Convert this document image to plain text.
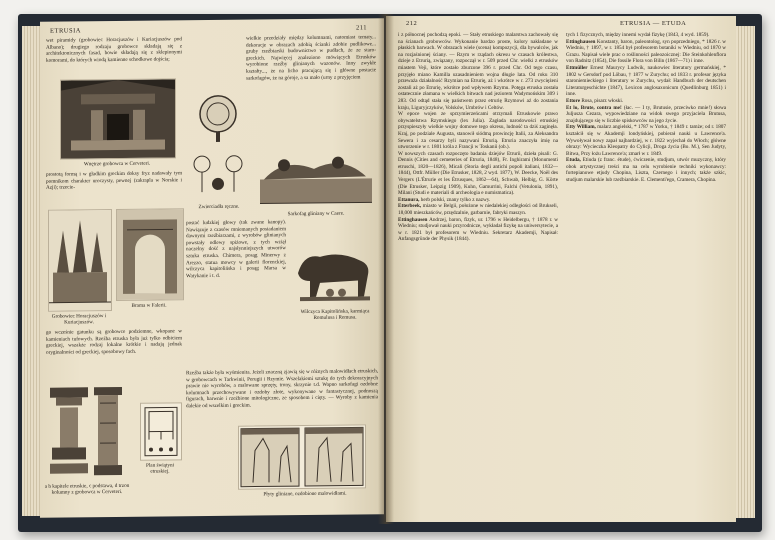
ETRUSIA	211

wet piramidy (grobowiec Horacjuszów i Kuriacjuszów pod Albano); drugiego rodzaju grobowce składają się z architektonicznych fasad, bowie składają się z sklepionymi komorami, do których wiodą kamienne schodkowe dojścia;

Wnętrze grobowca w Cerveteri.

prostotą formą i w gładkim greckim doksy fryz nadawały tym pomnikom charakter uroczysty, pewnej (zakrapla w Norskie i Azji); trzecie-

Grobowiec Horacjuszów i Kuriacjuszów.
Brama w Falerii.

go wcześnie gatunku są grobowce podziemne, wkopane w kamieniach tufowych. Rzeźba etruska była już tylko odbiciem greckiej, wszakże rodzaj lokalne krótkie i nadają jednak oryginalności od greckiej, sposobowy fach.

a b kapitele etruskie, c podstawa, d trzon kolumny z grobowca w Cerveteri.
Plan świątyni etruskiej.

wielkie przedziały między kolumnami, natomiast tematy... dekoracje w obrazach zdobią ścianki zdobie pudlikowe... gruby rzeźbiarski budownictwo w pudłach, że ze staro-greckich. Najwięcej znaleziono mówiących Etrusków wyrobione rzeźby glinianych wazonów. Inny zwykłe kształty..., że na licho pracującą się i główne postacie sarkofagów, że na góroje, a sa mało (urny z przyjęciem

Zwierciadła ręczne.
Sarkofag gliniany w Caere.

postać ludzkiej głowy (tak zwane kanopy). Nawiązuje z czasów mniemanych posiadaniem dawnymi rzeźbiarzami, z wyrobów glinianych powstały odlewy spiżowe, z tych wziął naczelny dość z najsłynniejszych utworów sztuka etruska. Chimera, posąg Minerwy z Arezzo, statua mowcy w galerii florenckiej, wilczyca kapitolińska i posąg Marsa w Watykanie i t. d.

Wilczyca Kapitolińska, karmiąca Romulusa i Remusa.

Rzeźba także była wyśmienita. Jeżeli znaczną zjawią się w różnych malowidłach etruskich, w grobowcach w Tarkwinii, Perugii i Rzymie. Wszelakiemi sztukę do tych dekoracyjnych prawie nie wyrobów, a malowane sprzęty, trony, skrzynie t.d. Wapno sarkofagi ozdobne kolumnach przechowywane i ozdoby złote, wykonywane w fantastycznej, podnoszą figurach, barwnie i rzeźbione mitologiczne, ze sposobem i cięty. — Wyroby z kamienia dalekie od wszelkim i greckim.

Płyty gliniane, ozdobione malowidłami.
212	ETRUSIA — ETUDA

i z północnej pochodzą epoki. — Stały etruskiego malarstwa zachowały się na ścianach grobowców. Wykonanie bardzo proste, kolory nakładane w płaskich barwach. W obrazach wiele (scena) kompozycji, dla bywalców, jak na rozjaśnionej ściany. — Rzym w rządach okresu w czasach królestwa, dzieje z Etrurią, związany, rozpoczął w r. 509 przed Chr. wielki z etrusków miastem Veji, które zostało zburzone 396 r. przed Chr. Od tego czasu, przyjęło miano Kamilla uzasadnieniem wojna długie lata. Od roku 310 przeważa działalność Rzymian na Etrurię, aż i wkrótce w r. 273 zwyciężeni zostali aż po Etrurię, wkrótce pod wpływem Rzymu. Potęga etruska została ostatecznie złamana w wielkich bitwach nad jeziorem Wadymońskim 309 i 283. Od odtąd stała się państwem przez etrurię Rzymowi aż do zostania kraju, Liguryjczyków, Volsków, Umbrów i Celtów.

W epoce wojen ze sprzymierzeńcami otrzymali Etruskowie prawo obywatelstwa Rzymskiego (lex Julia). Zagłada narodowości etruskiej przyspieszyły wielkie wojny domowe tego okresu, ludność ta dziś zaginęła. Kraj, po podziale Augusta, stanowił siódmą prowincję Italii, za Aleksandra Sewera i za cesarzy byli nazywani Etrurią. Etruria znaczyła imię na utworzenie w r. 1801 króla z Francji w Toskanii (ob.).

W nowszych czasach rozpoczęto badania dziejów Etrurii, dzieła pisali: G. Dennis (Cities and cemeteries of Etruria, 1848), Fr. Inghirami (Monumenti etruschi, 1820—1826), Micali (Storia degli antichi popoli italiani, 1832—1844), Ottfr. Müller (Die Etrusker, 1828, 2 wyd. 1877), W. Deecke, Noël des Vergers (L'Étrurie et les Étrusques, 1862—64), Schwab, Helbig, G. Körte (Die Etrusker, Leipzig 1909), Kuhn, Gamurrini, Falchi (Vetulonia, 1891), Milani (Studi e materiali di archeologia e numismatica).

Ettanura, herb polski, znany tylko z nazwy.

Etterbeek, miasto w Belgii, położone w niedalekiej odległości od Brukseli, 18,000 mieszkańców, przędzalnie, garbarnie, fabryki maszyn.

Ettinghausen Andrzej, baron, fizyk, ur. 1796 w Heidelbergu, † 1878 r. w Wiedniu; studjował nauki przyrodnicze, wykładał fizykę na uniwersytecie, a w r. 1821 był profesorem w Wiedniu. Sekretarz Akademji, Napisał: Anfangsgründe der Physik (1844).

tych 1 fizycznych, między innemi wydał fizykę (1843, 4 wyd. 1859).

Ettinghausen Konstanty, baron, paleontolog, syn poprzedniego, * 1826 r. w Wiedniu, † 1897, w r. 1854 był profesorem botaniki w Wiedniu, od 1870 w Grazu. Napisał wiele prac o roślinności paleozoicznej: Die Steinkohlenflora von Radnitz (1854), Die fossile Flora von Bilin (1867—71) i inne.

Ettmüller Ernest Maurycy Ludwik, naukowiec literatury germańskiej, * 1802 w Gersdorf pod Löbau, † 1877 w Zurychu; od 1833 r. profesor języka staroniemieckiego i literatury w Zurychu, wydał: Handbuch der deutschen Literaturgeschichte (1847), Lexicon anglosaxonicum (Quedlinburg 1851) i inne.

Ettore Rosa, pisarz włoski.

Et lo, Brute, contra me! (łac. — I ty, Brutusie, przeciwko mnie!) słowa Juljusza Cezara, wypowiedziane na widok swego przyjaciela Brutusa, znajdującego się w liczbie spiskowców na jego życie.

Etty William, malarz angielski, * 1787 w Yorku, † 1849 r. tamże; od r. 1807 kształcił się w Akademji londyńskiej, pobierał nauki u Lawrence'a. Wywoływał nowy zapał najbardziej, w r. 1822 wyjechał do Włoch; główne obrazy: Wycieczka Kleopatry do Cylicji, Droga życia (Bo. M.), Sen Judyty, Bitwa, Przy łożu Lawrence'a; zmarł w r. 1849.

Etuda, Etiuda (z franc. étude), ćwiczenie, studjum, utwór muzyczny, który obok artystycznej treści ma na celu wyrobienie techniki wykonawcy: fortepianowe etjudy Chopina, Liszta, Czernego i innych; także szkic, studjum malarskie lub rzeźbiarskie. E. Clementi'ego, Cramera, Chopina.
